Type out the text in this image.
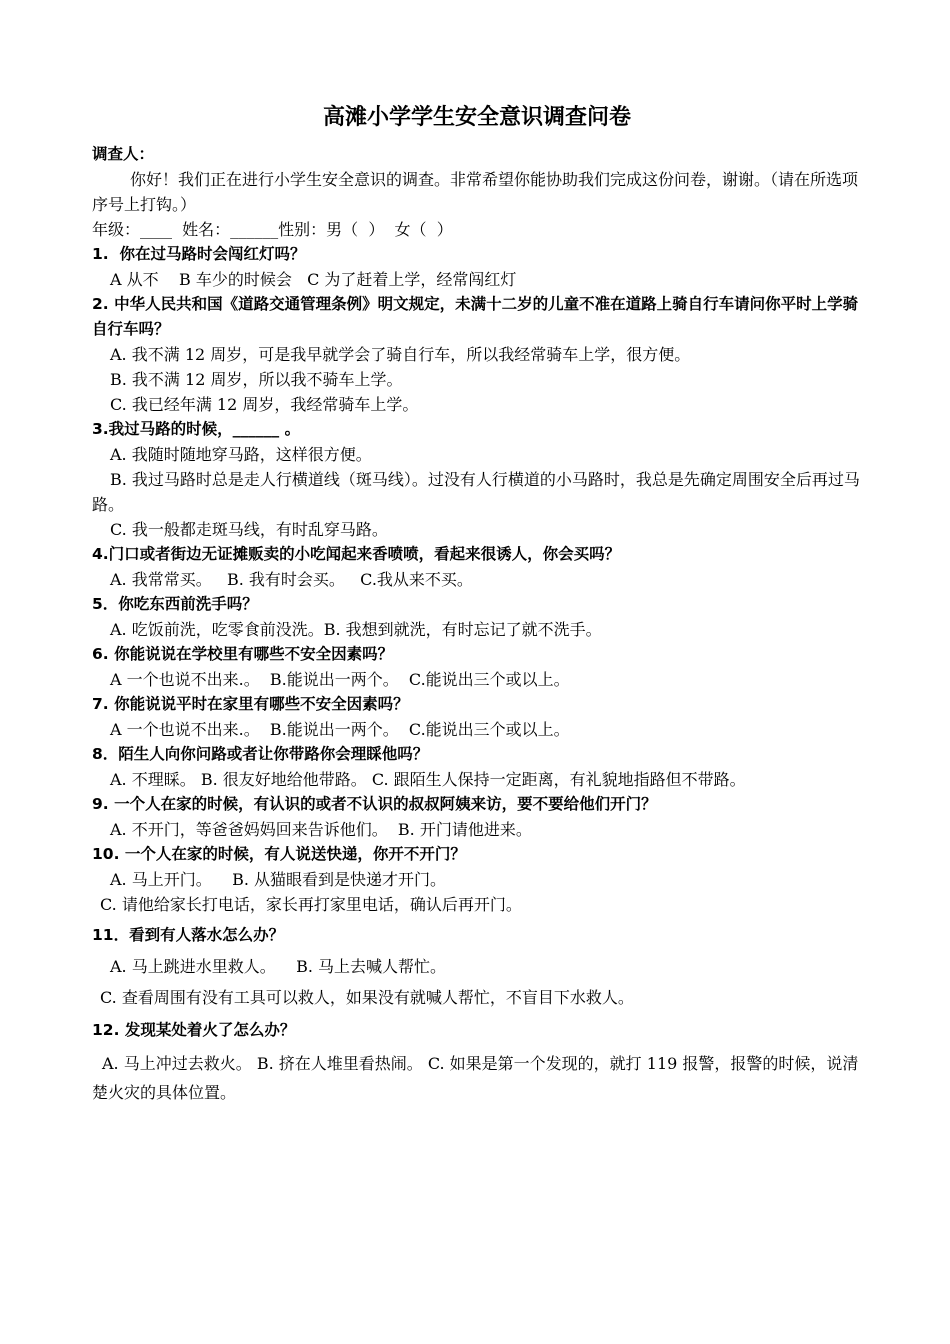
高滩小学学生安全意识调查问卷
调查人：
你好！我们正在进行小学生安全意识的调查。非常希望你能协助我们完成这份问卷，谢谢。（请在所选项序号上打钩。）
年级：____  姓名：______性别：男（  ）  女（  ）
1.  你在过马路时会闯红灯吗？
A 从不    B 车少的时候会   C 为了赶着上学，经常闯红灯
2. 中华人民共和国《道路交通管理条例》明文规定，未满十二岁的儿童不准在道路上骑自行车请问你平时上学骑自行车吗？
A. 我不满 12 周岁，可是我早就学会了骑自行车，所以我经常骑车上学，很方便。
B. 我不满 12 周岁，所以我不骑车上学。
C. 我已经年满 12 周岁，我经常骑车上学。
3.我过马路的时候，______ 。
A. 我随时随地穿马路，这样很方便。
B. 我过马路时总是走人行横道线（斑马线）。过没有人行横道的小马路时，我总是先确定周围安全后再过马路。
C. 我一般都走斑马线，有时乱穿马路。
4.门口或者街边无证摊贩卖的小吃闻起来香喷喷，看起来很诱人，你会买吗？
A. 我常常买。   B. 我有时会买。   C.我从来不买。
5．你吃东西前洗手吗？
A. 吃饭前洗，吃零食前没洗。B. 我想到就洗，有时忘记了就不洗手。
6. 你能说说在学校里有哪些不安全因素吗？
A 一个也说不出来.。  B.能说出一两个。  C.能说出三个或以上。
7. 你能说说平时在家里有哪些不安全因素吗？
A 一个也说不出来.。  B.能说出一两个。  C.能说出三个或以上。
8．陌生人向你问路或者让你带路你会理睬他吗？
A. 不理睬。 B. 很友好地给他带路。 C. 跟陌生人保持一定距离，有礼貌地指路但不带路。
9. 一个人在家的时候，有认识的或者不认识的叔叔阿姨来访，要不要给他们开门？
A. 不开门，等爸爸妈妈回来告诉他们。  B. 开门请他进来。
10. 一个人在家的时候，有人说送快递，你开不开门？
A. 马上开门。    B. 从猫眼看到是快递才开门。
C. 请他给家长打电话，家长再打家里电话，确认后再开门。
11．看到有人落水怎么办？
A. 马上跳进水里救人。    B. 马上去喊人帮忙。
C. 查看周围有没有工具可以救人，如果没有就喊人帮忙，不盲目下水救人。
12. 发现某处着火了怎么办？
A. 马上冲过去救火。 B. 挤在人堆里看热闹。 C. 如果是第一个发现的，就打 119 报警，报警的时候，说清楚火灾的具体位置。
